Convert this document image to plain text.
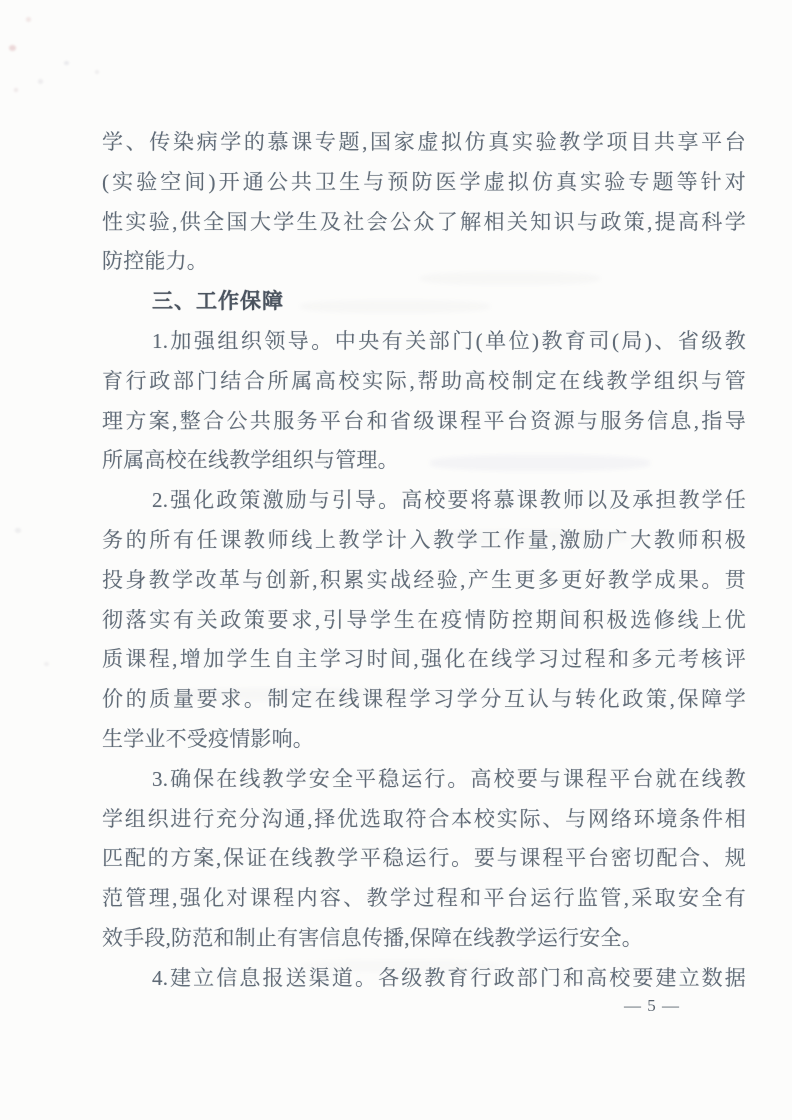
学、传染病学的慕课专题,国家虚拟仿真实验教学项目共享平台
(实验空间)开通公共卫生与预防医学虚拟仿真实验专题等针对
性实验,供全国大学生及社会公众了解相关知识与政策,提高科学
防控能力。
三、工作保障
1.加强组织领导。中央有关部门(单位)教育司(局)、省级教
育行政部门结合所属高校实际,帮助高校制定在线教学组织与管
理方案,整合公共服务平台和省级课程平台资源与服务信息,指导
所属高校在线教学组织与管理。
2.强化政策激励与引导。高校要将慕课教师以及承担教学任
务的所有任课教师线上教学计入教学工作量,激励广大教师积极
投身教学改革与创新,积累实战经验,产生更多更好教学成果。贯
彻落实有关政策要求,引导学生在疫情防控期间积极选修线上优
质课程,增加学生自主学习时间,强化在线学习过程和多元考核评
价的质量要求。制定在线课程学习学分互认与转化政策,保障学
生学业不受疫情影响。
3.确保在线教学安全平稳运行。高校要与课程平台就在线教
学组织进行充分沟通,择优选取符合本校实际、与网络环境条件相
匹配的方案,保证在线教学平稳运行。要与课程平台密切配合、规
范管理,强化对课程内容、教学过程和平台运行监管,采取安全有
效手段,防范和制止有害信息传播,保障在线教学运行安全。
4.建立信息报送渠道。各级教育行政部门和高校要建立数据
— 5 —
